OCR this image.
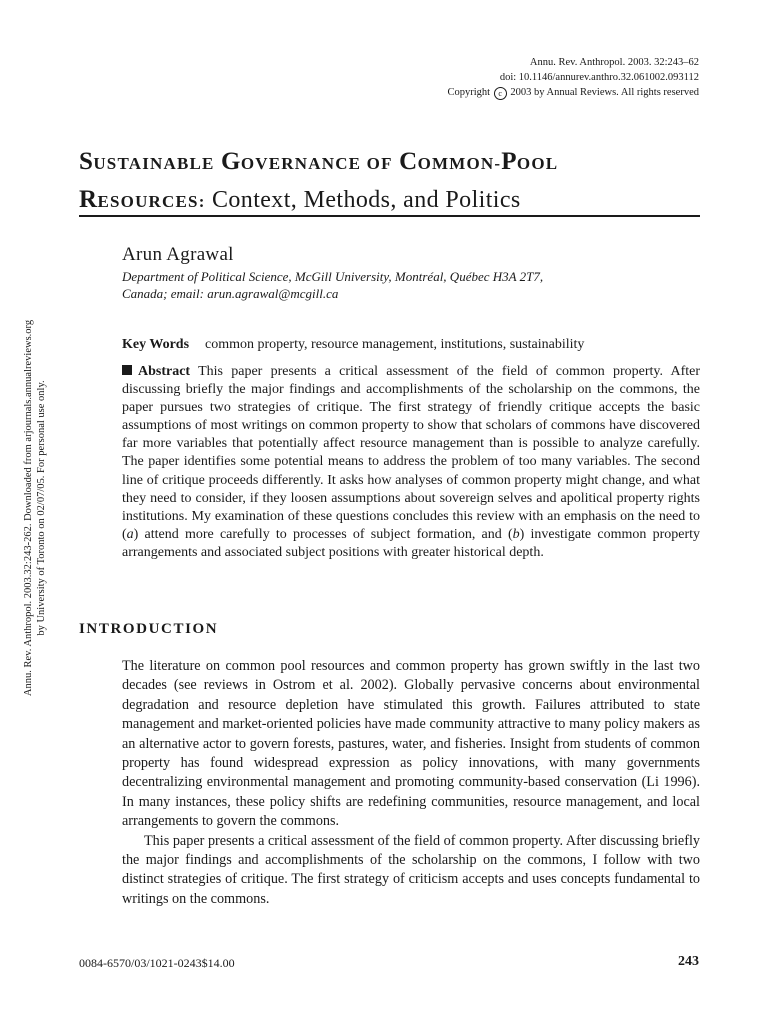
Annu. Rev. Anthropol. 2003. 32:243–62
doi: 10.1146/annurev.anthro.32.061002.093112
Copyright c 2003 by Annual Reviews. All rights reserved
SUSTAINABLE GOVERNANCE OF COMMON-POOL
RESOURCES: Context, Methods, and Politics
Arun Agrawal
Department of Political Science, McGill University, Montréal, Québec H3A 2T7,
Canada; email: arun.agrawal@mcgill.ca
Key Words common property, resource management, institutions, sustainability
Abstract This paper presents a critical assessment of the field of common property. After discussing briefly the major findings and accomplishments of the scholarship on the commons, the paper pursues two strategies of critique. The first strategy of friendly critique accepts the basic assumptions of most writings on common property to show that scholars of commons have discovered far more variables that potentially affect resource management than is possible to analyze carefully. The paper identifies some potential means to address the problem of too many variables. The second line of critique proceeds differently. It asks how analyses of common property might change, and what they need to consider, if they loosen assumptions about sovereign selves and apolitical property rights institutions. My examination of these questions concludes this review with an emphasis on the need to (a) attend more carefully to processes of subject formation, and (b) investigate common property arrangements and associated subject positions with greater historical depth.
INTRODUCTION

The literature on common pool resources and common property has grown swiftly in the last two decades (see reviews in Ostrom et al. 2002). Globally pervasive concerns about environmental degradation and resource depletion have stimulated this growth. Failures attributed to state management and market-oriented policies have made community attractive to many policy makers as an alternative actor to govern forests, pastures, water, and fisheries. Insight from students of common property has found widespread expression as policy innovations, with many governments decentralizing environmental management and promoting community-based conservation (Li 1996). In many instances, these policy shifts are redefining communities, resource management, and local arrangements to govern the commons.

This paper presents a critical assessment of the field of common property. After discussing briefly the major findings and accomplishments of the scholarship on the commons, I follow with two distinct strategies of critique. The first strategy of criticism accepts and uses concepts fundamental to writings on the commons.

0084-6570/03/1021-0243$14.00	243
Annu. Rev. Anthropol. 2003.32:243-262. Downloaded from arjournals.annualreviews.org by University of Toronto on 02/07/05. For personal use only.
